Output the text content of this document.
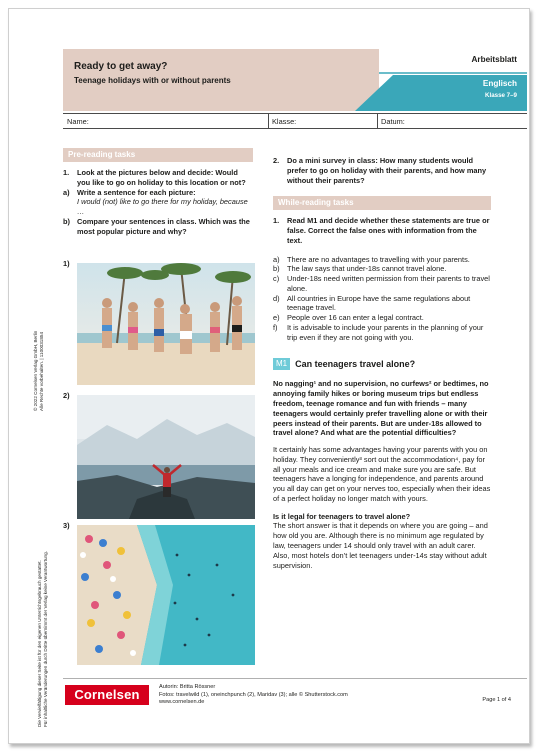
Ready to get away?
Teenage holidays with or without parents
Arbeitsblatt
Englisch
Klasse 7–9
Name:	Klasse:	Datum:
Pre-reading tasks
1.	Look at the pictures below and decide: Would you like to go on holiday to this location or not?
a)	Write a sentence for each picture:
I would (not) like to go there for my holiday, because …
b) Compare your sentences in class. Which was the most popular picture and why?
1)
2)
3)
2.	Do a mini survey in class: How many students would prefer to go on holiday with their parents, and how many without their parents?
While-reading tasks
1.	Read M1 and decide whether these statements are true or false. Correct the false ones with information from the text.
a)	There are no advantages to travelling with your parents.
b)	The law says that under-18s cannot travel alone.
c)	Under-18s need written permission from their parents to travel alone.
d)	All countries in Europe have the same regulations about teenage travel.
e)	People over 16 can enter a legal contract.
f)	It is advisable to include your parents in the planning of your trip even if they are not going with you.
M1 Can teenagers travel alone?
No nagging¹ and no supervision, no curfews² or bedtimes, no annoying family hikes or boring museum trips but endless freedom, teenage romance and fun with friends – many teenagers would certainly prefer travelling alone or with their peers instead of their parents. But are under-18s allowed to travel alone? And what are the potential difficulties?
It certainly has some advantages having your parents with you on holiday. They conveniently³ sort out the accommodation⁴, pay for all your meals and ice cream and make sure you are safe. But teenagers have a longing for independence, and parents around you all day can get on your nerves too, especially when their ideas of a perfect holiday no longer match with yours.
Is it legal for teenagers to travel alone?
The short answer is that it depends on where you are going – and how old you are. Although there is no minimum age regulated by law, teenagers under 14 should only travel with an adult carer. Also, most hotels don’t let teenagers under-14s stay without adult supervision.
Cornelsen	Autorin: Britta Rössner
Fotos: travelwild (1), oneinchpunch (2), Maridav (3); alle © Shutterstock.com
www.cornelsen.de	Page 1 of 4
© 2022 Cornelsen Verlag GmbH, Berlin Alle Rechte vorbehalten. | 1100031854
Die Vervielfältigung dieser Seite ist für den eigenen Unterrichtsgebrauch gestattet. Für inhaltliche Veränderungen durch Dritte übernimmt der Verlag keine Verantwortung.
